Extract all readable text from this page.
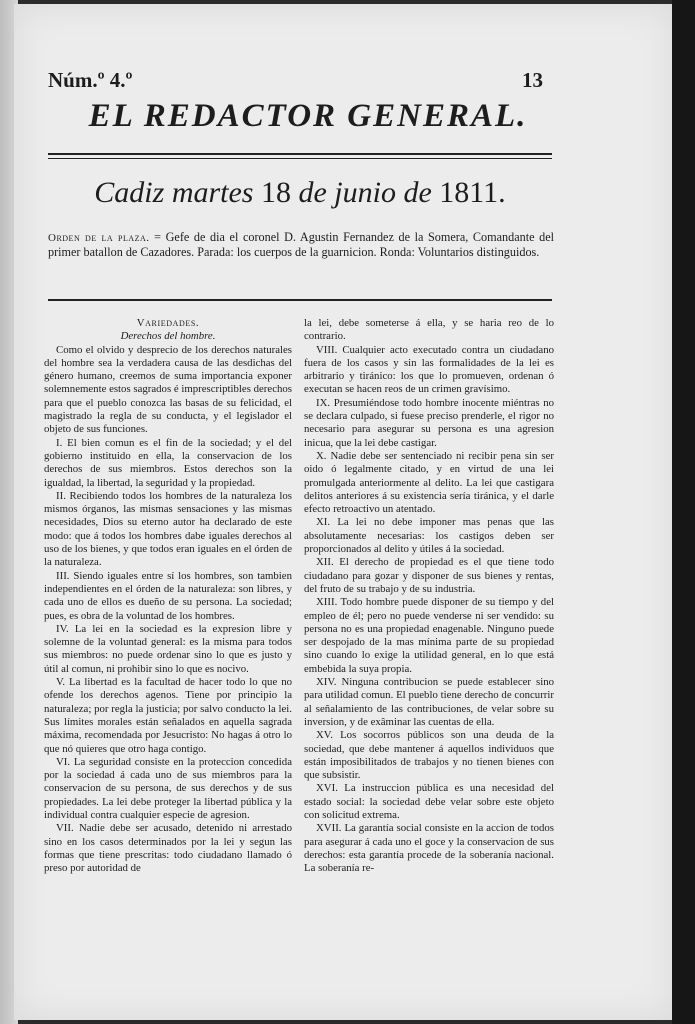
Núm.º 4.º	13
EL REDACTOR GENERAL.
Cadiz martes 18 de junio de 1811.
Orden de la plaza. = Gefe de dia el coronel D. Agustin Fernandez de la Somera, Comandante del primer batallon de Cazadores. Parada: los cuerpos de la guarnicion. Ronda: Voluntarios distinguidos.

Variedades.

Derechos del hombre.

Como el olvido y desprecio de los derechos naturales del hombre sea la verdadera causa de las desdichas del género humano, creemos de suma importancia exponer solemnemente estos sagrados é imprescriptibles derechos para que el pueblo conozca las basas de su felicidad, el magistrado la regla de su conducta, y el legislador el objeto de sus funciones.

I. El bien comun es el fin de la sociedad; y el del gobierno instituido en ella, la conservacion de los derechos de sus miembros. Estos derechos son la igualdad, la libertad, la seguridad y la propiedad.

II. Recibiendo todos los hombres de la naturaleza los mismos órganos, las mismas sensaciones y las mismas necesidades, Dios su eterno autor ha declarado de este modo: que á todos los hombres dabe iguales derechos al uso de los bienes, y que todos eran iguales en el órden de la naturaleza.

III. Siendo iguales entre sí los hombres, son tambien independientes en el órden de la naturaleza: son libres, y cada uno de ellos es dueño de su persona. La sociedad; pues, es obra de la voluntad de los hombres.

IV. La lei en la sociedad es la expresion libre y solemne de la voluntad general: es la misma para todos sus miembros: no puede ordenar sino lo que es justo y útil al comun, ni prohibir sino lo que es nocivo.

V. La libertad es la facultad de hacer todo lo que no ofende los derechos agenos. Tiene por principio la naturaleza; por regla la justicia; por salvo conducto la lei. Sus límites morales están señalados en aquella sagrada máxima, recomendada por Jesucristo: No hagas á otro lo que nó quieres que otro haga contigo.

VI. La seguridad consiste en la proteccion concedida por la sociedad á cada uno de sus miembros para la conservacion de su persona, de sus derechos y de sus propiedades. La lei debe proteger la libertad pública y la individual contra cualquier especie de agresion.

VII. Nadie debe ser acusado, detenido ni arrestado sino en los casos determinados por la lei y segun las formas que tiene prescritas: todo ciudadano llamado ó preso por autoridad de

la lei, debe someterse á ella, y se haria reo de lo contrario.

VIII. Cualquier acto executado contra un ciudadano fuera de los casos y sin las formalidades de la lei es arbitrario y tiránico: los que lo promueven, ordenan ó executan se hacen reos de un crimen gravísimo.

IX. Presumiéndose todo hombre inocente miéntras no se declara culpado, si fuese preciso prenderle, el rigor no necesario para asegurar su persona es una agresion inicua, que la lei debe castigar.

X. Nadie debe ser sentenciado ni recibir pena sin ser oido ó legalmente citado, y en virtud de una lei promulgada anteriormente al delito. La lei que castigara delitos anteriores á su existencia sería tiránica, y el darle efecto retroactivo un atentado.

XI. La lei no debe imponer mas penas que las absolutamente necesarias: los castigos deben ser proporcionados al delito y útiles á la sociedad.

XII. El derecho de propiedad es el que tiene todo ciudadano para gozar y disponer de sus bienes y rentas, del fruto de su trabajo y de su industria.

XIII. Todo hombre puede disponer de su tiempo y del empleo de él; pero no puede venderse ni ser vendido: su persona no es una propiedad enagenable. Ninguno puede ser despojado de la mas mínima parte de su propiedad sino cuando lo exige la utilidad general, en lo que está embebida la suya propia.

XIV. Ninguna contribucion se puede establecer sino para utilidad comun. El pueblo tiene derecho de concurrir al señalamiento de las contribuciones, de velar sobre su inversion, y de exâminar las cuentas de ella.

XV. Los socorros públicos son una deuda de la sociedad, que debe mantener á aquellos individuos que están imposibilitados de trabajos y no tienen bienes con que subsistir.

XVI. La instruccion pública es una necesidad del estado social: la sociedad debe velar sobre este objeto con solicitud extrema.

XVII. La garantía social consiste en la accion de todos para asegurar á cada uno el goce y la conservacion de sus derechos: esta garantía procede de la soberanía nacional. La soberanía re-
